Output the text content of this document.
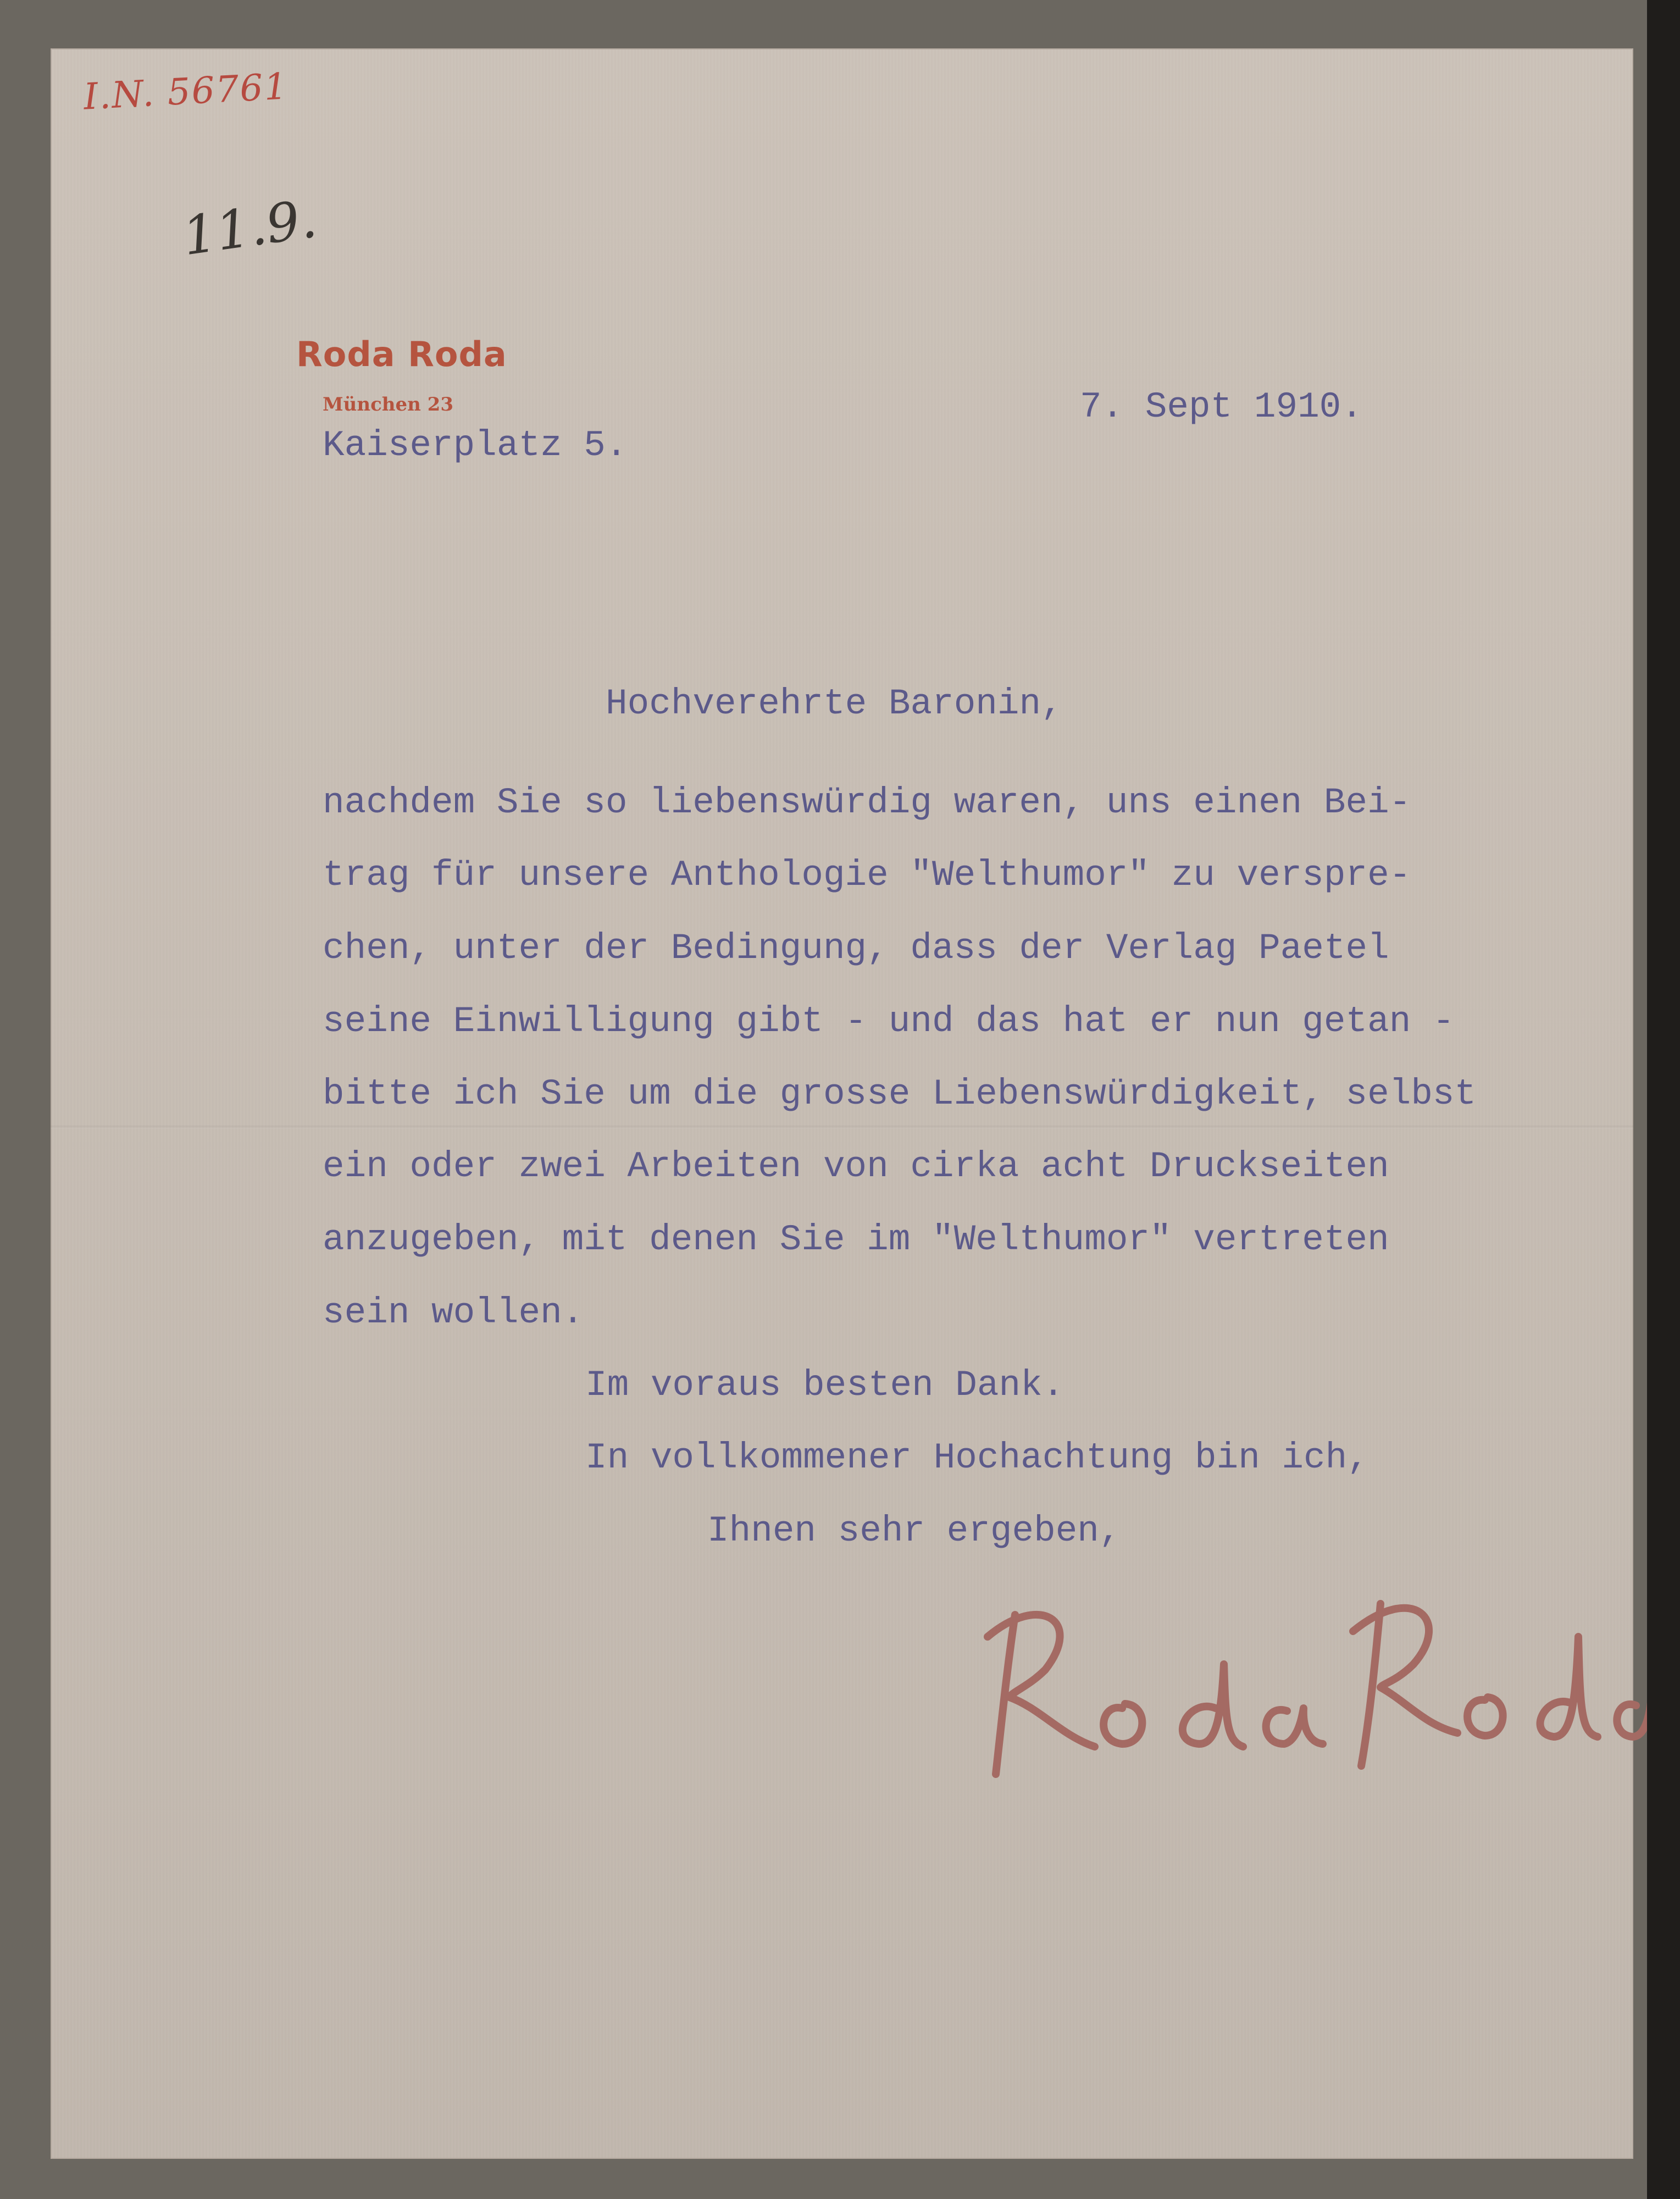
I.N. 56761
11.9.
Roda Roda
München 23
Kaiserplatz 5.
7. Sept 1910.
Hochverehrte Baronin,
nachdem Sie so liebenswürdig waren, uns einen Bei-
trag für unsere Anthologie "Welthumor" zu verspre-
chen, unter der Bedingung, dass der Verlag Paetel
seine Einwilligung gibt - und das hat er nun getan -
bitte ich Sie um die grosse Liebenswürdigkeit, selbst
ein oder zwei Arbeiten von cirka acht Druckseiten
anzugeben, mit denen Sie im "Welthumor" vertreten
sein wollen.
Im voraus besten Dank.
In vollkommener Hochachtung bin ich,
Ihnen sehr ergeben,
